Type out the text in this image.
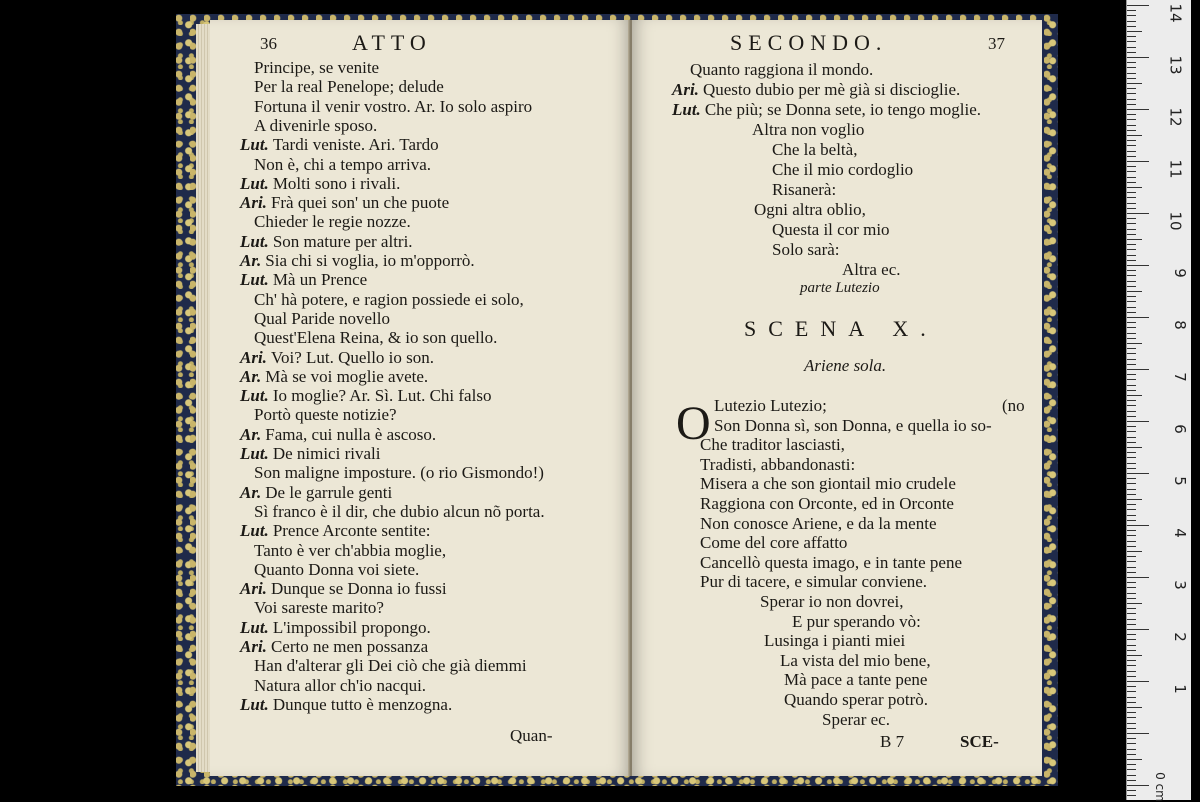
36	ATTO
Principe, se venite
Per la real Penelope; delude
Fortuna il venir vostro. Ar. Io solo aspiro
A divenirle sposo.
Lut. Tardi veniste. Ari. Tardo
Non è, chi a tempo arriva.
Lut. Molti sono i rivali.
Ari. Frà quei son' un che puote
Chieder le regie nozze.
Lut. Son mature per altri.
Ar. Sia chi si voglia, io m'opporrò.
Lut. Mà un Prence
Ch' hà potere, e ragion possiede ei solo,
Qual Paride novello
Quest'Elena Reina, & io son quello.
Ari. Voi? Lut. Quello io son.
Ar. Mà se voi moglie avete.
Lut. Io moglie? Ar. Sì. Lut. Chi falso
Portò queste notizie?
Ar. Fama, cui nulla è ascoso.
Lut. De nimici rivali
Son maligne imposture. (o rio Gismondo!)
Ar. De le garrule genti
Sì franco è il dir, che dubio alcun nõ porta.
Lut. Prence Arconte sentite:
Tanto è ver ch'abbia moglie,
Quanto Donna voi siete.
Ari. Dunque se Donna io fussi
Voi sareste marito?
Lut. L'impossibil propongo.
Ari. Certo ne men possanza
Han d'alterar gli Dei ciò che già diemmi
Natura allor ch'io nacqui.
Lut. Dunque tutto è menzogna.
Quan-
SECONDO.	37
Quanto raggiona il mondo.
Ari. Questo dubio per mè già si discioglie.
Lut. Che più; se Donna sete, io tengo moglie.
Altra non voglio
Che la beltà,
Che il mio cordoglio
Risanerà:
Ogni altra oblio,
Questa il cor mio
Solo sarà:
Altra ec.
parte Lutezio
SCENA X.
Ariene sola.
O Lutezio Lutezio;	(no
Son Donna sì, son Donna, e quella io so-
Che traditor lasciasti,
Tradisti, abbandonasti:
Misera a che son giontail mio crudele
Raggiona con Orconte, ed in Orconte
Non conosce Ariene, e da la mente
Come del core affatto
Cancellò questa imago, e in tante pene
Pur di tacere, e simular conviene.
Sperar io non dovrei,
E pur sperando vò:
Lusinga i pianti miei
La vista del mio bene,
Mà pace a tante pene
Quando sperar potrò.
Sperar ec.
B 7	SCE-
14
13
12
11
10
9
8
7
6
5
4
3
2
1
0 cm
